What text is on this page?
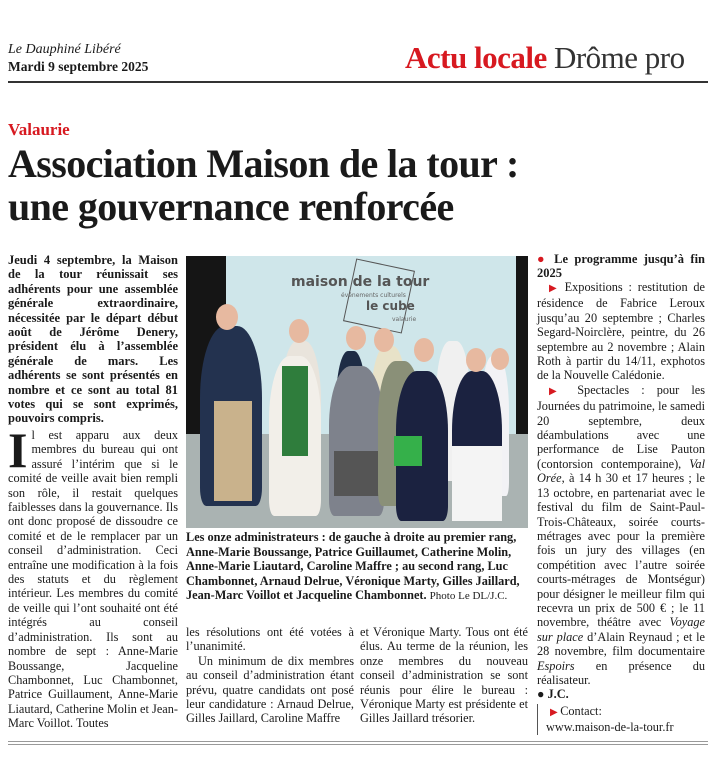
Le Dauphiné Libéré
Mardi 9 septembre 2025	Actu locale Drôme pro
Valaurie
Association Maison de la tour :
une gouvernance renforcée
Jeudi 4 septembre, la Maison de la tour réunissait ses adhérents pour une assemblée générale extraordinaire, nécessitée par le départ début août de Jérôme Denery, président élu à l’assemblée générale de mars. Les adhérents se sont présentés en nombre et ce sont au total 81 votes qui se sont exprimés, pouvoirs compris.
Il est apparu aux deux membres du bureau qui ont assuré l’intérim que si le comité de veille avait bien rempli son rôle, il restait quelques faiblesses dans la gouvernance. Ils ont donc proposé de dissoudre ce comité et de le remplacer par un conseil d’administration. Ceci entraîne une modification à la fois des statuts et du règlement intérieur. Les membres du comité de veille qui l’ont souhaité ont été intégrés au conseil d’administration. Ils sont au nombre de sept : Anne-Marie Boussange, Jacqueline Chambonnet, Luc Chambonnet, Patrice Guillaument, Anne-Marie Liautard, Catherine Molin et Jean-Marc Voillot. Toutes
maison de la tour
événements culturels
le cube
valaurie
Les onze administrateurs : de gauche à droite au premier rang, Anne-Marie Boussange, Patrice Guillaumet, Catherine Molin, Anne-Marie Liautard, Caroline Maffre ; au second rang, Luc Chambonnet, Arnaud Delrue, Véronique Marty, Gilles Jaillard, Jean-Marc Voillot et Jacqueline Chambonnet. Photo Le DL/J.C.
les résolutions ont été votées à l’unanimité.
Un minimum de dix membres au conseil d’administration étant prévu, quatre candidats ont posé leur candidature : Arnaud Delrue, Gilles Jaillard, Caroline Maffre
et Véronique Marty. Tous ont été élus. Au terme de la réunion, les onze membres du nouveau conseil d’administration se sont réunis pour élire le bureau : Véronique Marty est présidente et Gilles Jaillard trésorier.
● Le programme jusqu’à fin 2025

▶ Expositions : restitution de résidence de Fabrice Leroux jusqu’au 20 septembre ; Charles Segard-Noirclère, peintre, du 26 septembre au 2 novembre ; Alain Roth à partir du 14/11, exphotos de la Nouvelle Calédonie.

▶ Spectacles : pour les Journées du patrimoine, le samedi 20 septembre, deux déambulations avec une performance de Lise Pauton (contorsion contemporaine), Val Orée, à 14 h 30 et 17 heures ; le 13 octobre, en partenariat avec le festival du film de Saint-Paul-Trois-Châteaux, soirée courts-métrages avec pour la première fois un jury des villages (en compétition avec l’autre soirée courts-métrages de Montségur) pour désigner le meilleur film qui recevra un prix de 500 € ; le 11 novembre, théâtre avec Voyage sur place d’Alain Reynaud ; et le 28 novembre, film documentaire Espoirs en présence du réalisateur.

● J.C.
▶ Contact:
www.maison-de-la-tour.fr
